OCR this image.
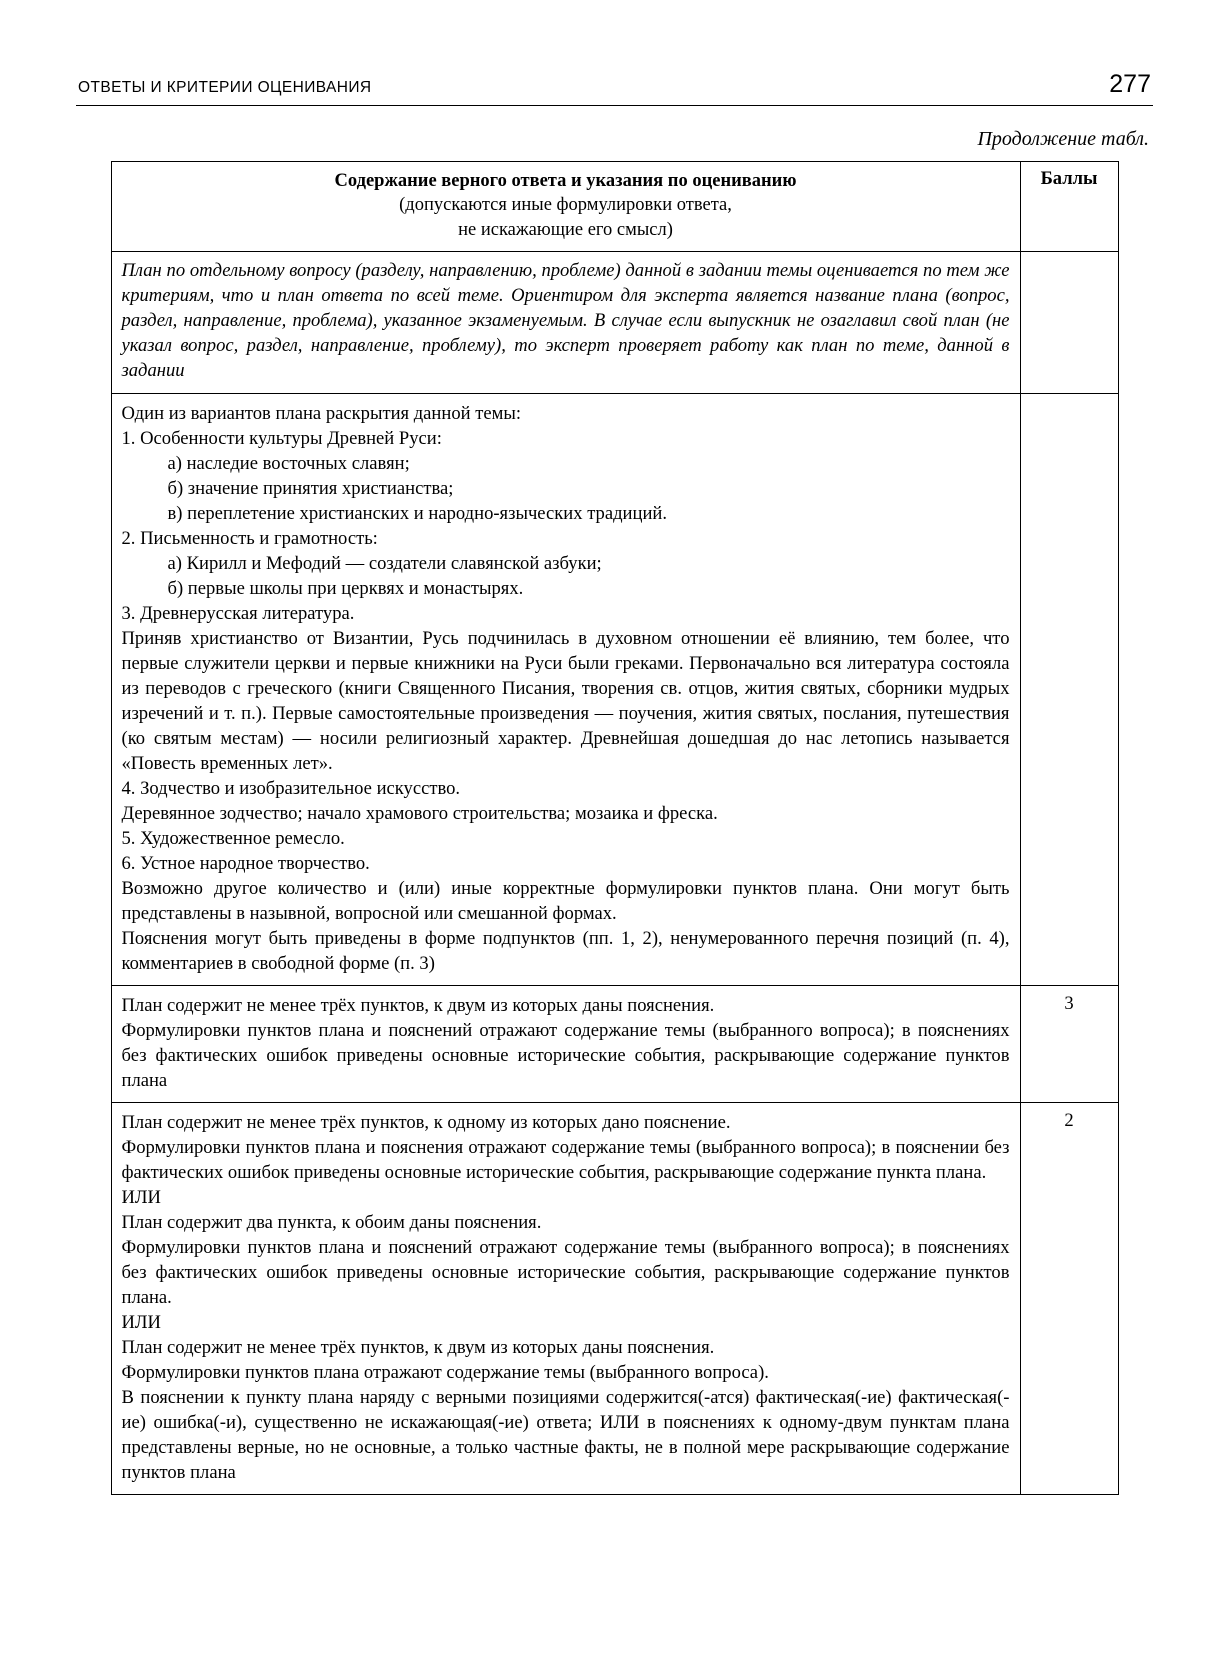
ОТВЕТЫ И КРИТЕРИИ ОЦЕНИВАНИЯ	277
Продолжение табл.
Содержание верного ответа и указания по оцениванию
(допускаются иные формулировки ответа,
не искажающие его смысл)	Баллы
План по отдельному вопросу (разделу, направлению, проблеме) данной в задании темы оценивается по тем же критериям, что и план ответа по всей теме. Ориентиром для эксперта является название плана (вопрос, раздел, направление, проблема), указанное экзаменуемым. В случае если выпускник не озаглавил свой план (не указал вопрос, раздел, направление, проблему), то эксперт проверяет работу как план по теме, данной в задании	

Один из вариантов плана раскрытия данной темы:

1. Особенности культуры Древней Руси:

а) наследие восточных славян;

б) значение принятия христианства;

в) переплетение христианских и народно-языческих традиций.

2. Письменность и грамотность:

а) Кирилл и Мефодий — создатели славянской азбуки;

б) первые школы при церквях и монастырях.

3. Древнерусская литература.

Приняв христианство от Византии, Русь подчинилась в духовном отношении её влиянию, тем более, что первые служители церкви и первые книжники на Руси были греками. Первоначально вся литература состояла из переводов с греческого (книги Священного Писания, творения св. отцов, жития святых, сборники мудрых изречений и т. п.). Первые самостоятельные произведения — поучения, жития святых, послания, путешествия (ко святым местам) — носили религиозный характер. Древнейшая дошедшая до нас летопись называется «Повесть временных лет».

4. Зодчество и изобразительное искусство.

Деревянное зодчество; начало храмового строительства; мозаика и фреска.

5. Художественное ремесло.

6. Устное народное творчество.

Возможно другое количество и (или) иные корректные формулировки пунктов плана. Они могут быть представлены в назывной, вопросной или смешанной формах.

Пояснения могут быть приведены в форме подпунктов (пп. 1, 2), ненумерованного перечня позиций (п. 4), комментариев в свободной форме (п. 3)

План содержит не менее трёх пунктов, к двум из которых даны пояснения.

Формулировки пунктов плана и пояснений отражают содержание темы (выбранного вопроса); в пояснениях без фактических ошибок приведены основные исторические события, раскрывающие содержание пунктов плана	3

План содержит не менее трёх пунктов, к одному из которых дано пояснение.

Формулировки пунктов плана и пояснения отражают содержание темы (выбранного вопроса); в пояснении без фактических ошибок приведены основные исторические события, раскрывающие содержание пункта плана.

ИЛИ

План содержит два пункта, к обоим даны пояснения.

Формулировки пунктов плана и пояснений отражают содержание темы (выбранного вопроса); в пояснениях без фактических ошибок приведены основные исторические события, раскрывающие содержание пунктов плана.

ИЛИ

План содержит не менее трёх пунктов, к двум из которых даны пояснения.

Формулировки пунктов плана отражают содержание темы (выбранного вопроса).

В пояснении к пункту плана наряду с верными позициями содержится(-атся) фактическая(-ие) фактическая(-ие) ошибка(-и), существенно не искажающая(-ие) ответа; ИЛИ в пояснениях к одному-двум пунктам плана представлены верные, но не основные, а только частные факты, не в полной мере раскрывающие содержание пунктов плана

	2
